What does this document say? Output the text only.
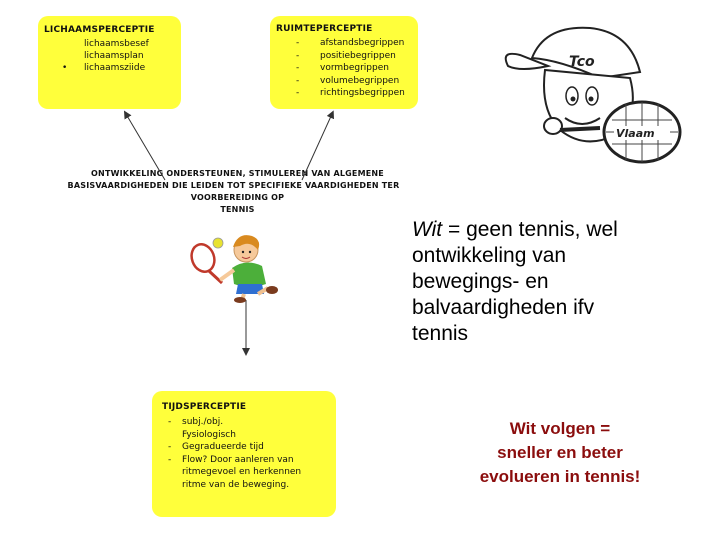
LICHAAMSPERCEPTIE
lichaamsbesef
lichaamsplan
• lichaamsziide
RUIMTEPERCEPTIE
- afstandsbegrippen
- positiebegrippen
- vormbegrippen
- volumebegrippen
- richtingsbegrippen
TIJDSPERCEPTIE
- subj./obj.
Fysiologisch
- Gegradueerde tijd
- Flow? Door aanleren van
ritmegevoel en herkennen
ritme van de beweging.
ONTWIKKELING ONDERSTEUNEN, STIMULEREN VAN ALGEMENE
BASISVAARDIGHEDEN DIE LEIDEN TOT SPECIFIEKE VAARDIGHEDEN TER
VOORBEREIDING OP
TENNIS
Tco
Vlaam
Wit = geen tennis, wel
ontwikkeling van
bewegings- en
balvaardigheden ifv
tennis
Wit volgen =
sneller en beter
evolueren in tennis!
